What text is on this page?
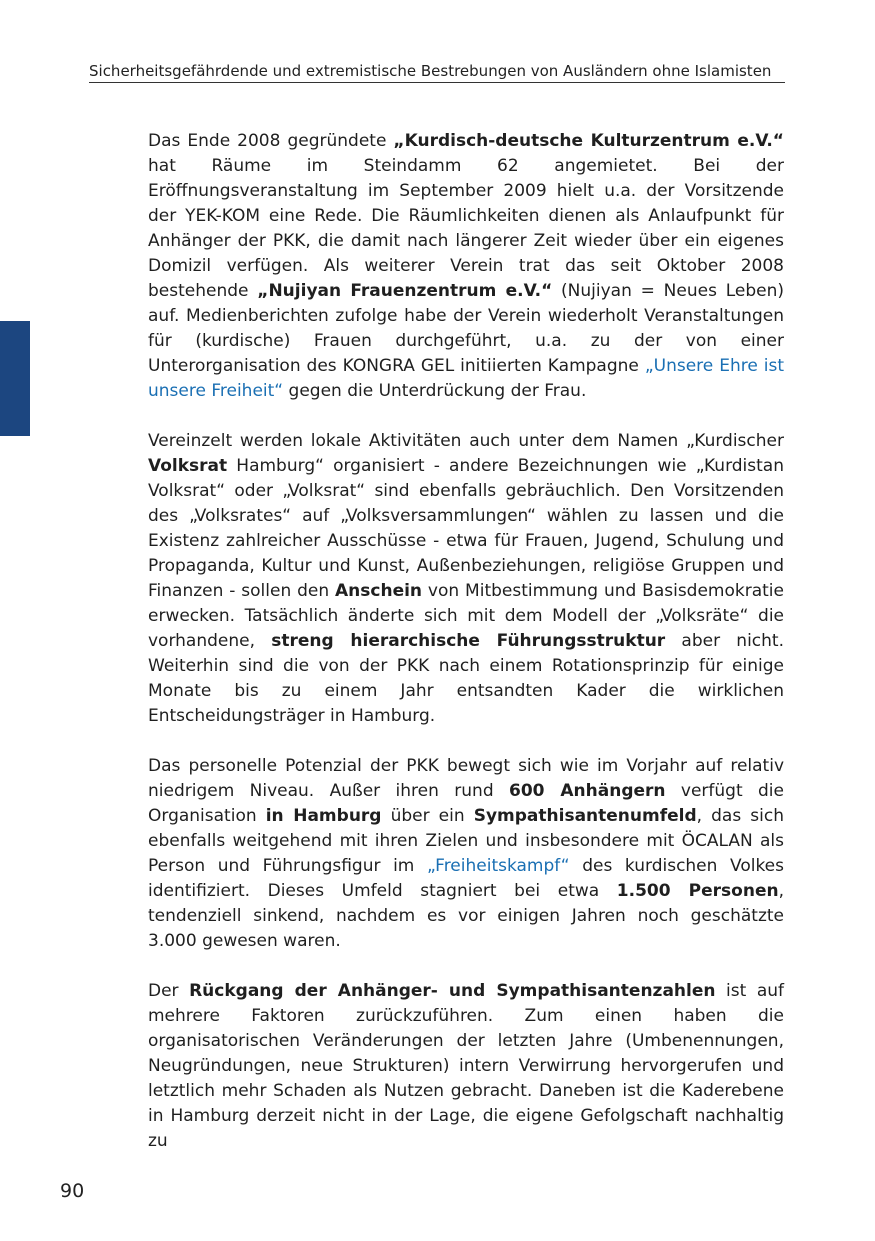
Sicherheitsgefährdende und extremistische Bestrebungen von Ausländern ohne Islamisten

Das Ende 2008 gegründete „Kurdisch-deutsche Kulturzentrum e.V.“ hat Räume im Steindamm 62 angemietet. Bei der Eröffnungsveranstaltung im September 2009 hielt u.a. der Vorsitzende der YEK-KOM eine Rede. Die Räumlichkeiten dienen als Anlaufpunkt für Anhänger der PKK, die damit nach längerer Zeit wieder über ein eigenes Domizil verfügen. Als weiterer Verein trat das seit Oktober 2008 bestehende „Nujiyan Frauenzentrum e.V.“ (Nujiyan = Neues Leben) auf. Medienberichten zufolge habe der Verein wiederholt Veranstaltungen für (kurdische) Frauen durchgeführt, u.a. zu der von einer Unterorganisation des KONGRA GEL initiierten Kampagne „Unsere Ehre ist unsere Freiheit“ gegen die Unterdrückung der Frau.

Vereinzelt werden lokale Aktivitäten auch unter dem Namen „Kurdischer Volksrat Hamburg“ organisiert - andere Bezeichnungen wie „Kurdistan Volksrat“ oder „Volksrat“ sind ebenfalls gebräuchlich. Den Vorsitzenden des „Volksrates“ auf „Volksversammlungen“ wählen zu lassen und die Existenz zahlreicher Ausschüsse - etwa für Frauen, Jugend, Schulung und Propaganda, Kultur und Kunst, Außenbeziehungen, religiöse Gruppen und Finanzen - sollen den Anschein von Mitbestimmung und Basisdemokratie erwecken. Tatsächlich änderte sich mit dem Modell der „Volksräte“ die vorhandene, streng hierarchische Führungsstruktur aber nicht. Weiterhin sind die von der PKK nach einem Rotationsprinzip für einige Monate bis zu einem Jahr entsandten Kader die wirklichen Entscheidungsträger in Hamburg.

Das personelle Potenzial der PKK bewegt sich wie im Vorjahr auf relativ niedrigem Niveau. Außer ihren rund 600 Anhängern verfügt die Organisation in Hamburg über ein Sympathisantenumfeld, das sich ebenfalls weitgehend mit ihren Zielen und insbesondere mit ÖCALAN als Person und Führungsfigur im „Freiheitskampf“ des kurdischen Volkes identifiziert. Dieses Umfeld stagniert bei etwa 1.500 Personen, tendenziell sinkend, nachdem es vor einigen Jahren noch geschätzte 3.000 gewesen waren.

Der Rückgang der Anhänger- und Sympathisantenzahlen ist auf mehrere Faktoren zurückzuführen. Zum einen haben die organisatorischen Veränderungen der letzten Jahre (Umbenennungen, Neugründungen, neue Strukturen) intern Verwirrung hervorgerufen und letztlich mehr Schaden als Nutzen gebracht. Daneben ist die Kaderebene in Hamburg derzeit nicht in der Lage, die eigene Gefolgschaft nachhaltig zu

90
